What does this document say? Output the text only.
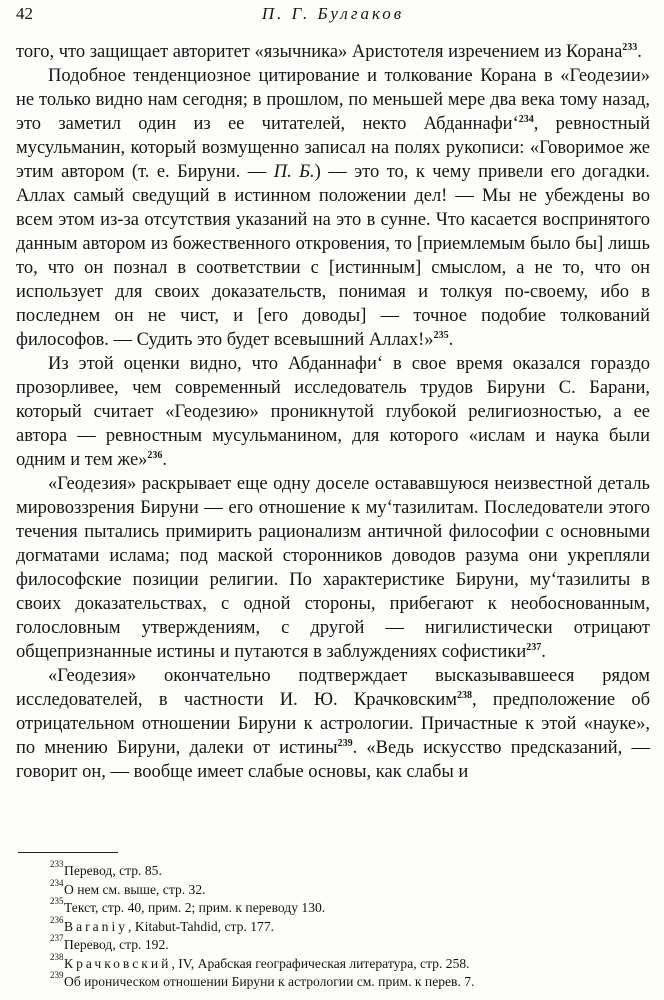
42	П. Г. Булгаков

того, что защищает авторитет «язычника» Аристотеля изречением из Корана$^{233}$.

Подобное тенденциозное цитирование и толкование Корана в «Геодезии» не только видно нам сегодня; в прошлом, по меньшей мере два века тому назад, это заметил один из ее читателей, некто Абданнафи‘$^{234}$, ревностный мусульманин, который возмущенно записал на полях рукописи: «Говоримое же этим автором (т. е. Бируни. — П. Б.) — это то, к чему привели его догадки. Аллах самый сведущий в истинном положении дел! — Мы не убеждены во всем этом из-за отсутствия указаний на это в сунне. Что касается воспринятого данным автором из божественного откровения, то [приемлемым было бы] лишь то, что он познал в соответствии с [истинным] смыслом, а не то, что он использует для своих доказательств, понимая и толкуя по-своему, ибо в последнем он не чист, и [его доводы] — точное подобие толкований философов. — Судить это будет всевышний Аллах!»$^{235}$.

Из этой оценки видно, что Абданнафи‘ в свое время оказался гораздо прозорливее, чем современный исследователь трудов Бируни С. Барани, который считает «Геодезию» проникнутой глубокой религиозностью, а ее автора — ревностным мусульманином, для которого «ислам и наука были одним и тем же»$^{236}$.

«Геодезия» раскрывает еще одну доселе остававшуюся неизвестной деталь мировоззрения Бируни — его отношение к му‘тазилитам. Последователи этого течения пытались примирить рационализм античной философии с основными догматами ислама; под маской сторонников доводов разума они укрепляли философские позиции религии. По характеристике Бируни, му‘тазилиты в своих доказательствах, с одной стороны, прибегают к необоснованным, голословным утверждениям, с другой — нигилистически отрицают общепризнанные истины и путаются в заблуждениях софистики$^{237}$.

«Геодезия» окончательно подтверждает высказывавшееся рядом исследователей, в частности И. Ю. Крачковским$^{238}$, предположение об отрицательном отношении Бируни к астрологии. Причастные к этой «науке», по мнению Бируни, далеки от истины$^{239}$. «Ведь искусство предсказаний, — говорит он, — вообще имеет слабые основы, как слабы и

233 Перевод, стр. 85.
234 О нем см. выше, стр. 32.
235 Текст, стр. 40, прим. 2; прим. к переводу 130.
236 Baraniy , Kitabut-Tahdid, стр. 177.
237 Перевод, стр. 192.
238 Крачковский , IV, Арабская географическая литература, стр. 258.
239 Об ироническом отношении Бируни к астрологии см. прим. к перев. 7.
